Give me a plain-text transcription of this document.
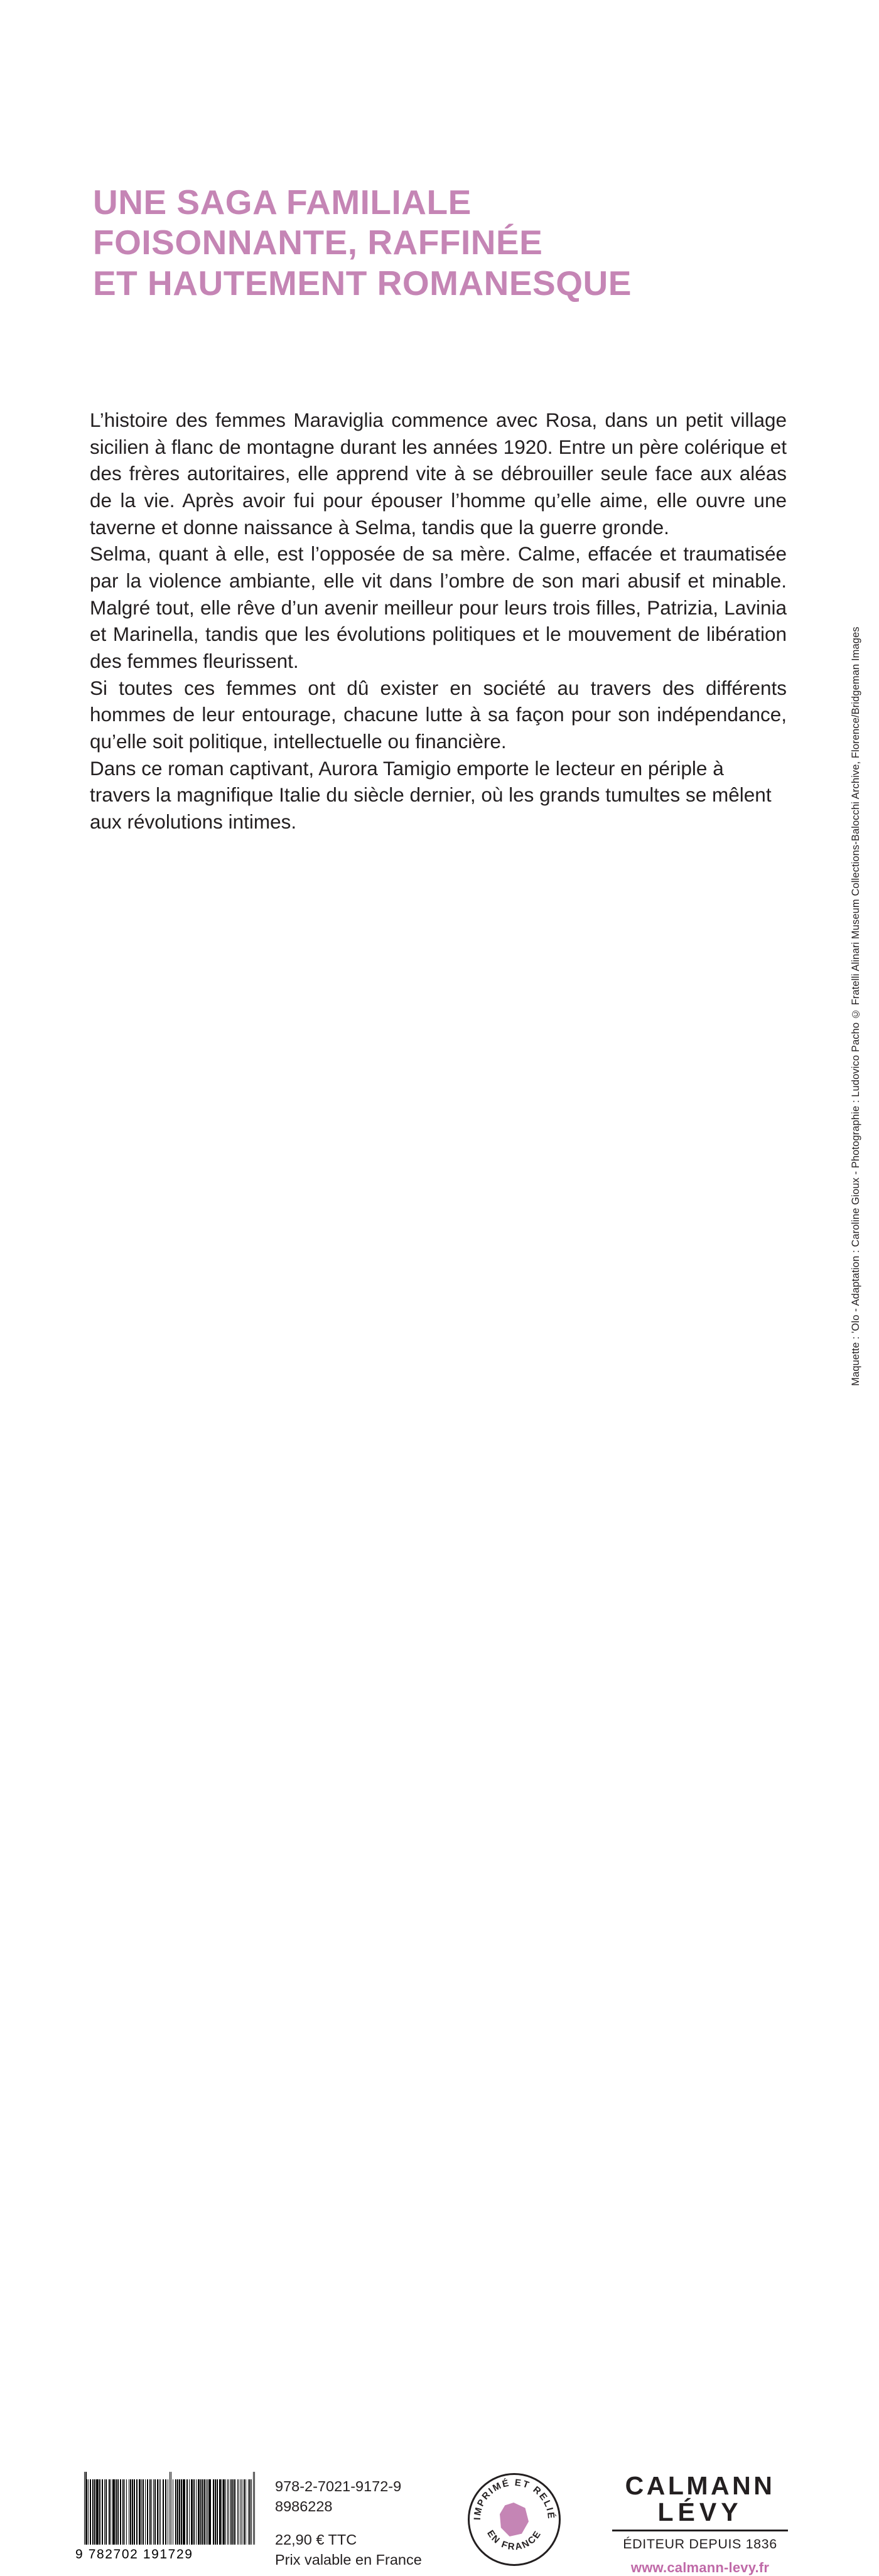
UNE SAGA FAMILIALE
FOISONNANTE, RAFFINÉE
ET HAUTEMENT ROMANESQUE

L’histoire des femmes Maraviglia commence avec Rosa, dans un petit village sicilien à flanc de montagne durant les années 1920. Entre un père colérique et des frères autoritaires, elle apprend vite à se débrouiller seule face aux aléas de la vie. Après avoir fui pour épouser l’homme qu’elle aime, elle ouvre une taverne et donne naissance à Selma, tandis que la guerre gronde.

Selma, quant à elle, est l’opposée de sa mère. Calme, effacée et traumatisée par la violence ambiante, elle vit dans l’ombre de son mari abusif et minable. Malgré tout, elle rêve d’un avenir meilleur pour leurs trois filles, Patrizia, Lavinia et Marinella, tandis que les évolutions politiques et le mouvement de libération des femmes fleurissent.

Si toutes ces femmes ont dû exister en société au travers des différents hommes de leur entourage, chacune lutte à sa façon pour son indépendance, qu’elle soit politique, intellectuelle ou financière.

Dans ce roman captivant, Aurora Tamigio emporte le lecteur en périple à travers la magnifique Italie du siècle dernier, où les grands tumultes se mêlent aux révolutions intimes.	Maquette : ’Olo - Adaptation : Caroline Gioux - Photographie : Ludovico Pacho © Fratelli Alinari Museum Collections-Balocchi Archive, Florence/Bridgeman Images
9 782702 191729
978-2-7021-9172-9
8986228
22,90 € TTC
Prix valable en France
IMPRIMÉ ET RELIÉ
EN FRANCE
CALMANN
LÉVY
ÉDITEUR DEPUIS 1836
www.calmann-levy.fr
